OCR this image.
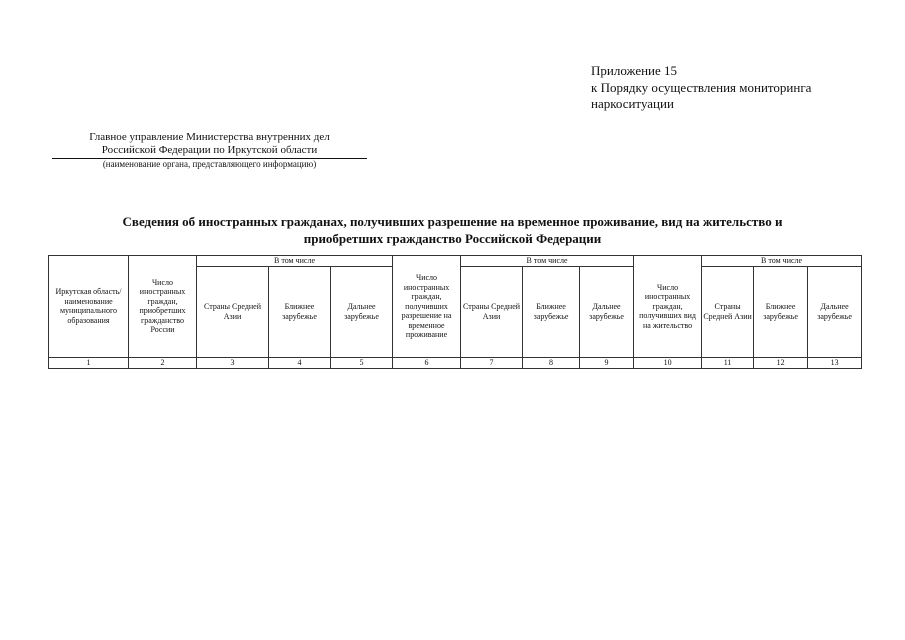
Приложение 15
к Порядку осуществления мониторинга
наркоситуации
Главное управление Министерства внутренних дел
Российской Федерации по Иркутской области
(наименование органа, представляющего информацию)
Сведения об иностранных гражданах, получивших разрешение на временное проживание, вид на жительство и
приобретших гражданство Российской Федерации
Иркутская область/ наименование муниципального образования	Число иностранных граждан, приобретших гражданство России	В том числе			Число иностранных граждан, получивших разрешение на временное проживание	В том числе			Число иностранных граждан, получивших вид на жительство	В том числе		
		Страны Средней Азии	Ближнее зарубежье	Дальнее зарубежье		Страны Средней Азии	Ближнее зарубежье	Дальнее зарубежье		Страны Средней Азии	Ближнее зарубежье	Дальнее зарубежье
1	2	3	4	5	6	7	8	9	10	11	12	13
